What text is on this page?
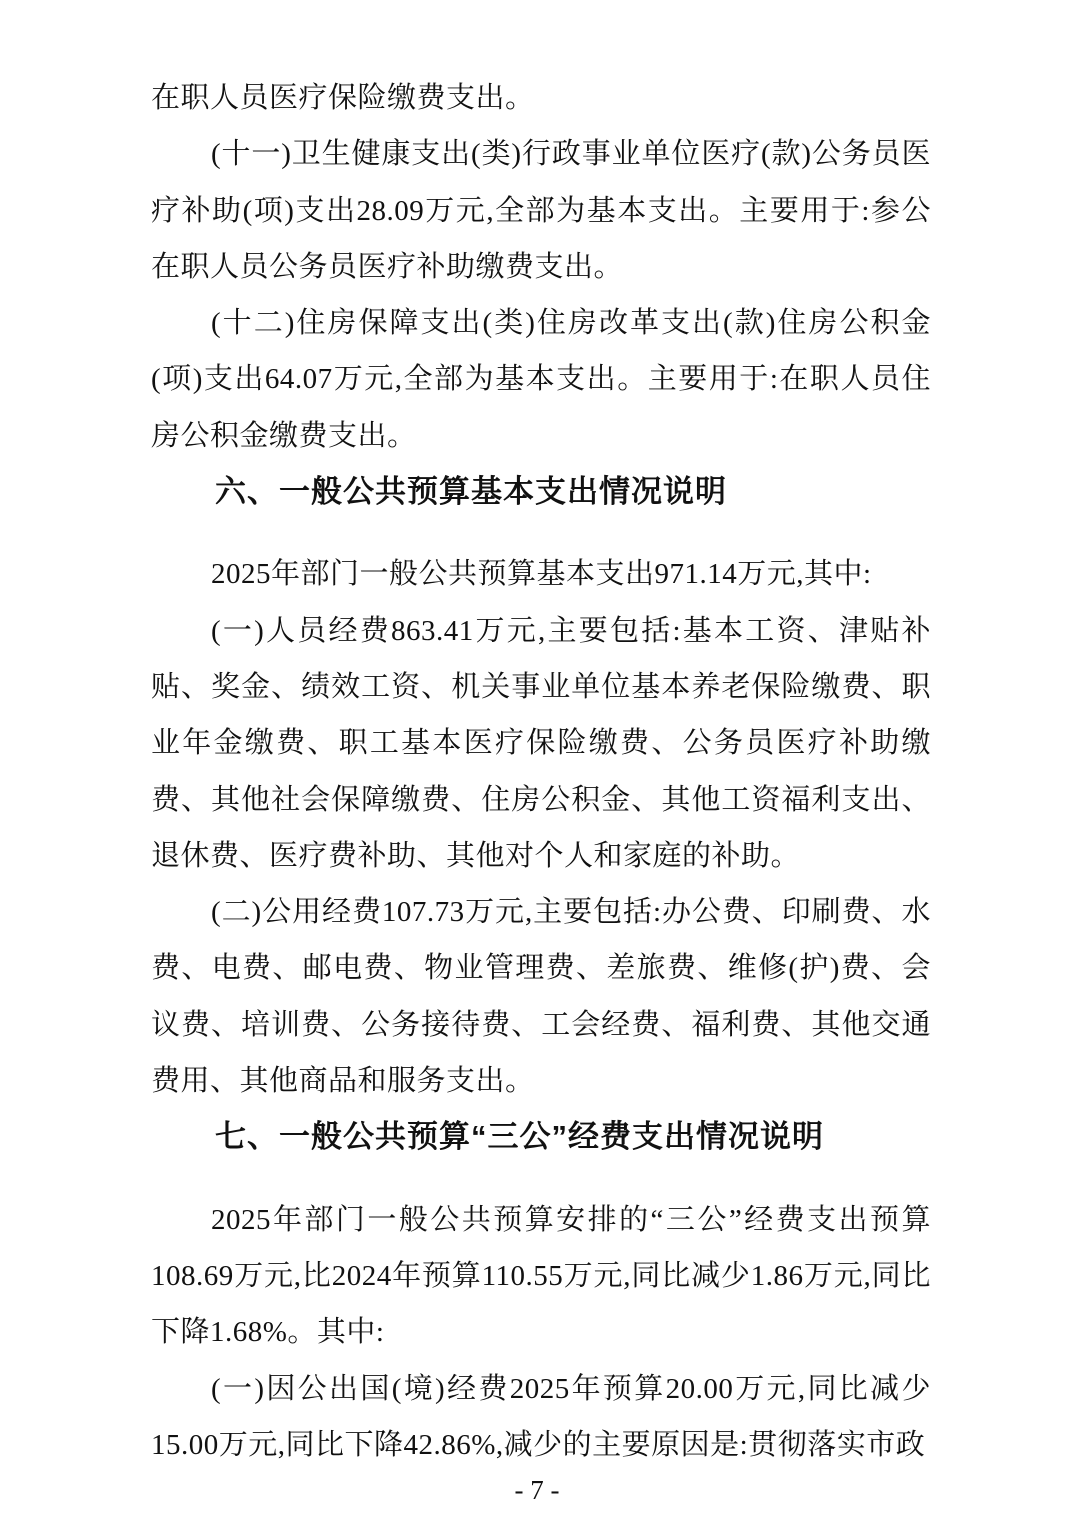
在职人员医疗保险缴费支出。

(十一)卫生健康支出(类)行政事业单位医疗(款)公务员医疗补助(项)支出28.09万元,全部为基本支出。主要用于:参公在职人员公务员医疗补助缴费支出。

(十二)住房保障支出(类)住房改革支出(款)住房公积金(项)支出64.07万元,全部为基本支出。主要用于:在职人员住房公积金缴费支出。

六、一般公共预算基本支出情况说明

2025年部门一般公共预算基本支出971.14万元,其中:

(一)人员经费863.41万元,主要包括:基本工资、津贴补贴、奖金、绩效工资、机关事业单位基本养老保险缴费、职业年金缴费、职工基本医疗保险缴费、公务员医疗补助缴费、其他社会保障缴费、住房公积金、其他工资福利支出、退休费、医疗费补助、其他对个人和家庭的补助。

(二)公用经费107.73万元,主要包括:办公费、印刷费、水费、电费、邮电费、物业管理费、差旅费、维修(护)费、会议费、培训费、公务接待费、工会经费、福利费、其他交通费用、其他商品和服务支出。

七、一般公共预算“三公”经费支出情况说明

2025年部门一般公共预算安排的“三公”经费支出预算108.69万元,比2024年预算110.55万元,同比减少1.86万元,同比下降1.68%。其中:

(一)因公出国(境)经费2025年预算20.00万元,同比减少15.00万元,同比下降42.86%,减少的主要原因是:贯彻落实市政

- 7 -
